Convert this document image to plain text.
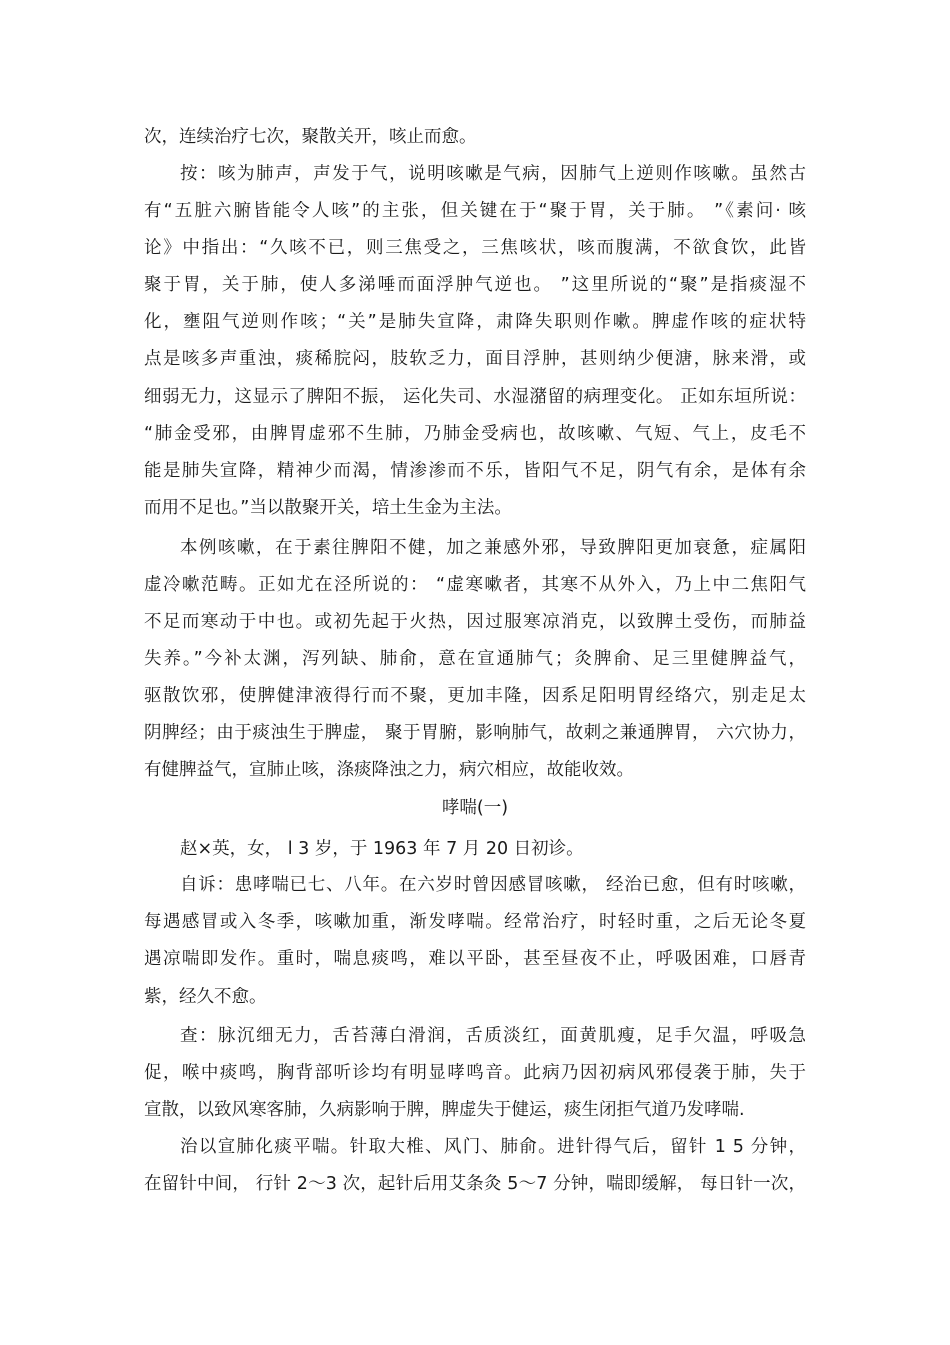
次，连续治疗七次，聚散关开，咳止而愈。
按：咳为肺声，声发于气，说明咳嗽是气病，因肺气上逆则作咳嗽。虽然古
有“五脏六腑皆能令人咳”的主张，但关键在于“聚于胃，关于肺。 ”《素问· 咳
论》中指出：“久咳不已，则三焦受之，三焦咳状，咳而腹满，不欲食饮，此皆
聚于胃，关于肺，使人多涕唾而面浮肿气逆也。 ”这里所说的“聚”是指痰湿不
化，壅阻气逆则作咳；“关”是肺失宣降，肃降失职则作嗽。脾虚作咳的症状特
点是咳多声重浊，痰稀脘闷，肢软乏力，面目浮肿，甚则纳少便溏，脉来滑，或
细弱无力，这显示了脾阳不振， 运化失司、水湿潴留的病理变化。 正如东垣所说：
“肺金受邪，由脾胃虚邪不生肺，乃肺金受病也，故咳嗽、气短、气上，皮毛不
能是肺失宣降，精神少而渴，情渗渗而不乐，皆阳气不足，阴气有余，是体有余
而用不足也。”当以散聚开关，培土生金为主法。
本例咳嗽，在于素往脾阳不健，加之兼感外邪，导致脾阳更加衰惫，症属阳
虚冷嗽范畴。正如尤在泾所说的： “虚寒嗽者，其寒不从外入，乃上中二焦阳气
不足而寒动于中也。或初先起于火热，因过服寒凉消克，以致脾土受伤，而肺益
失养。”今补太渊，泻列缺、肺俞，意在宣通肺气；灸脾俞、足三里健脾益气，
驱散饮邪，使脾健津液得行而不聚，更加丰隆，因系足阳明胃经络穴，别走足太
阴脾经；由于痰浊生于脾虚， 聚于胃腑，影响肺气，故刺之兼通脾胃， 六穴协力，
有健脾益气，宣肺止咳，涤痰降浊之力，病穴相应，故能收效。
哮喘(一)
赵×英，女， l 3 岁，于 1963 年 7 月 20 日初诊。
自诉：患哮喘已七、八年。在六岁时曾因感冒咳嗽， 经治已愈，但有时咳嗽，
每遇感冒或入冬季，咳嗽加重，渐发哮喘。经常治疗，时轻时重，之后无论冬夏
遇凉喘即发作。重时，喘息痰鸣，难以平卧，甚至昼夜不止，呼吸困难，口唇青
紫，经久不愈。
查：脉沉细无力，舌苔薄白滑润，舌质淡红，面黄肌瘦，足手欠温，呼吸急
促，喉中痰鸣，胸背部听诊均有明显哮鸣音。此病乃因初病风邪侵袭于肺，失于
宣散，以致风寒客肺，久病影响于脾，脾虚失于健运，痰生闭拒气道乃发哮喘.
治以宣肺化痰平喘。针取大椎、风门、肺俞。进针得气后，留针 1 5 分钟，
在留针中间， 行针 2～3 次，起针后用艾条灸 5～7 分钟，喘即缓解， 每日针一次，
